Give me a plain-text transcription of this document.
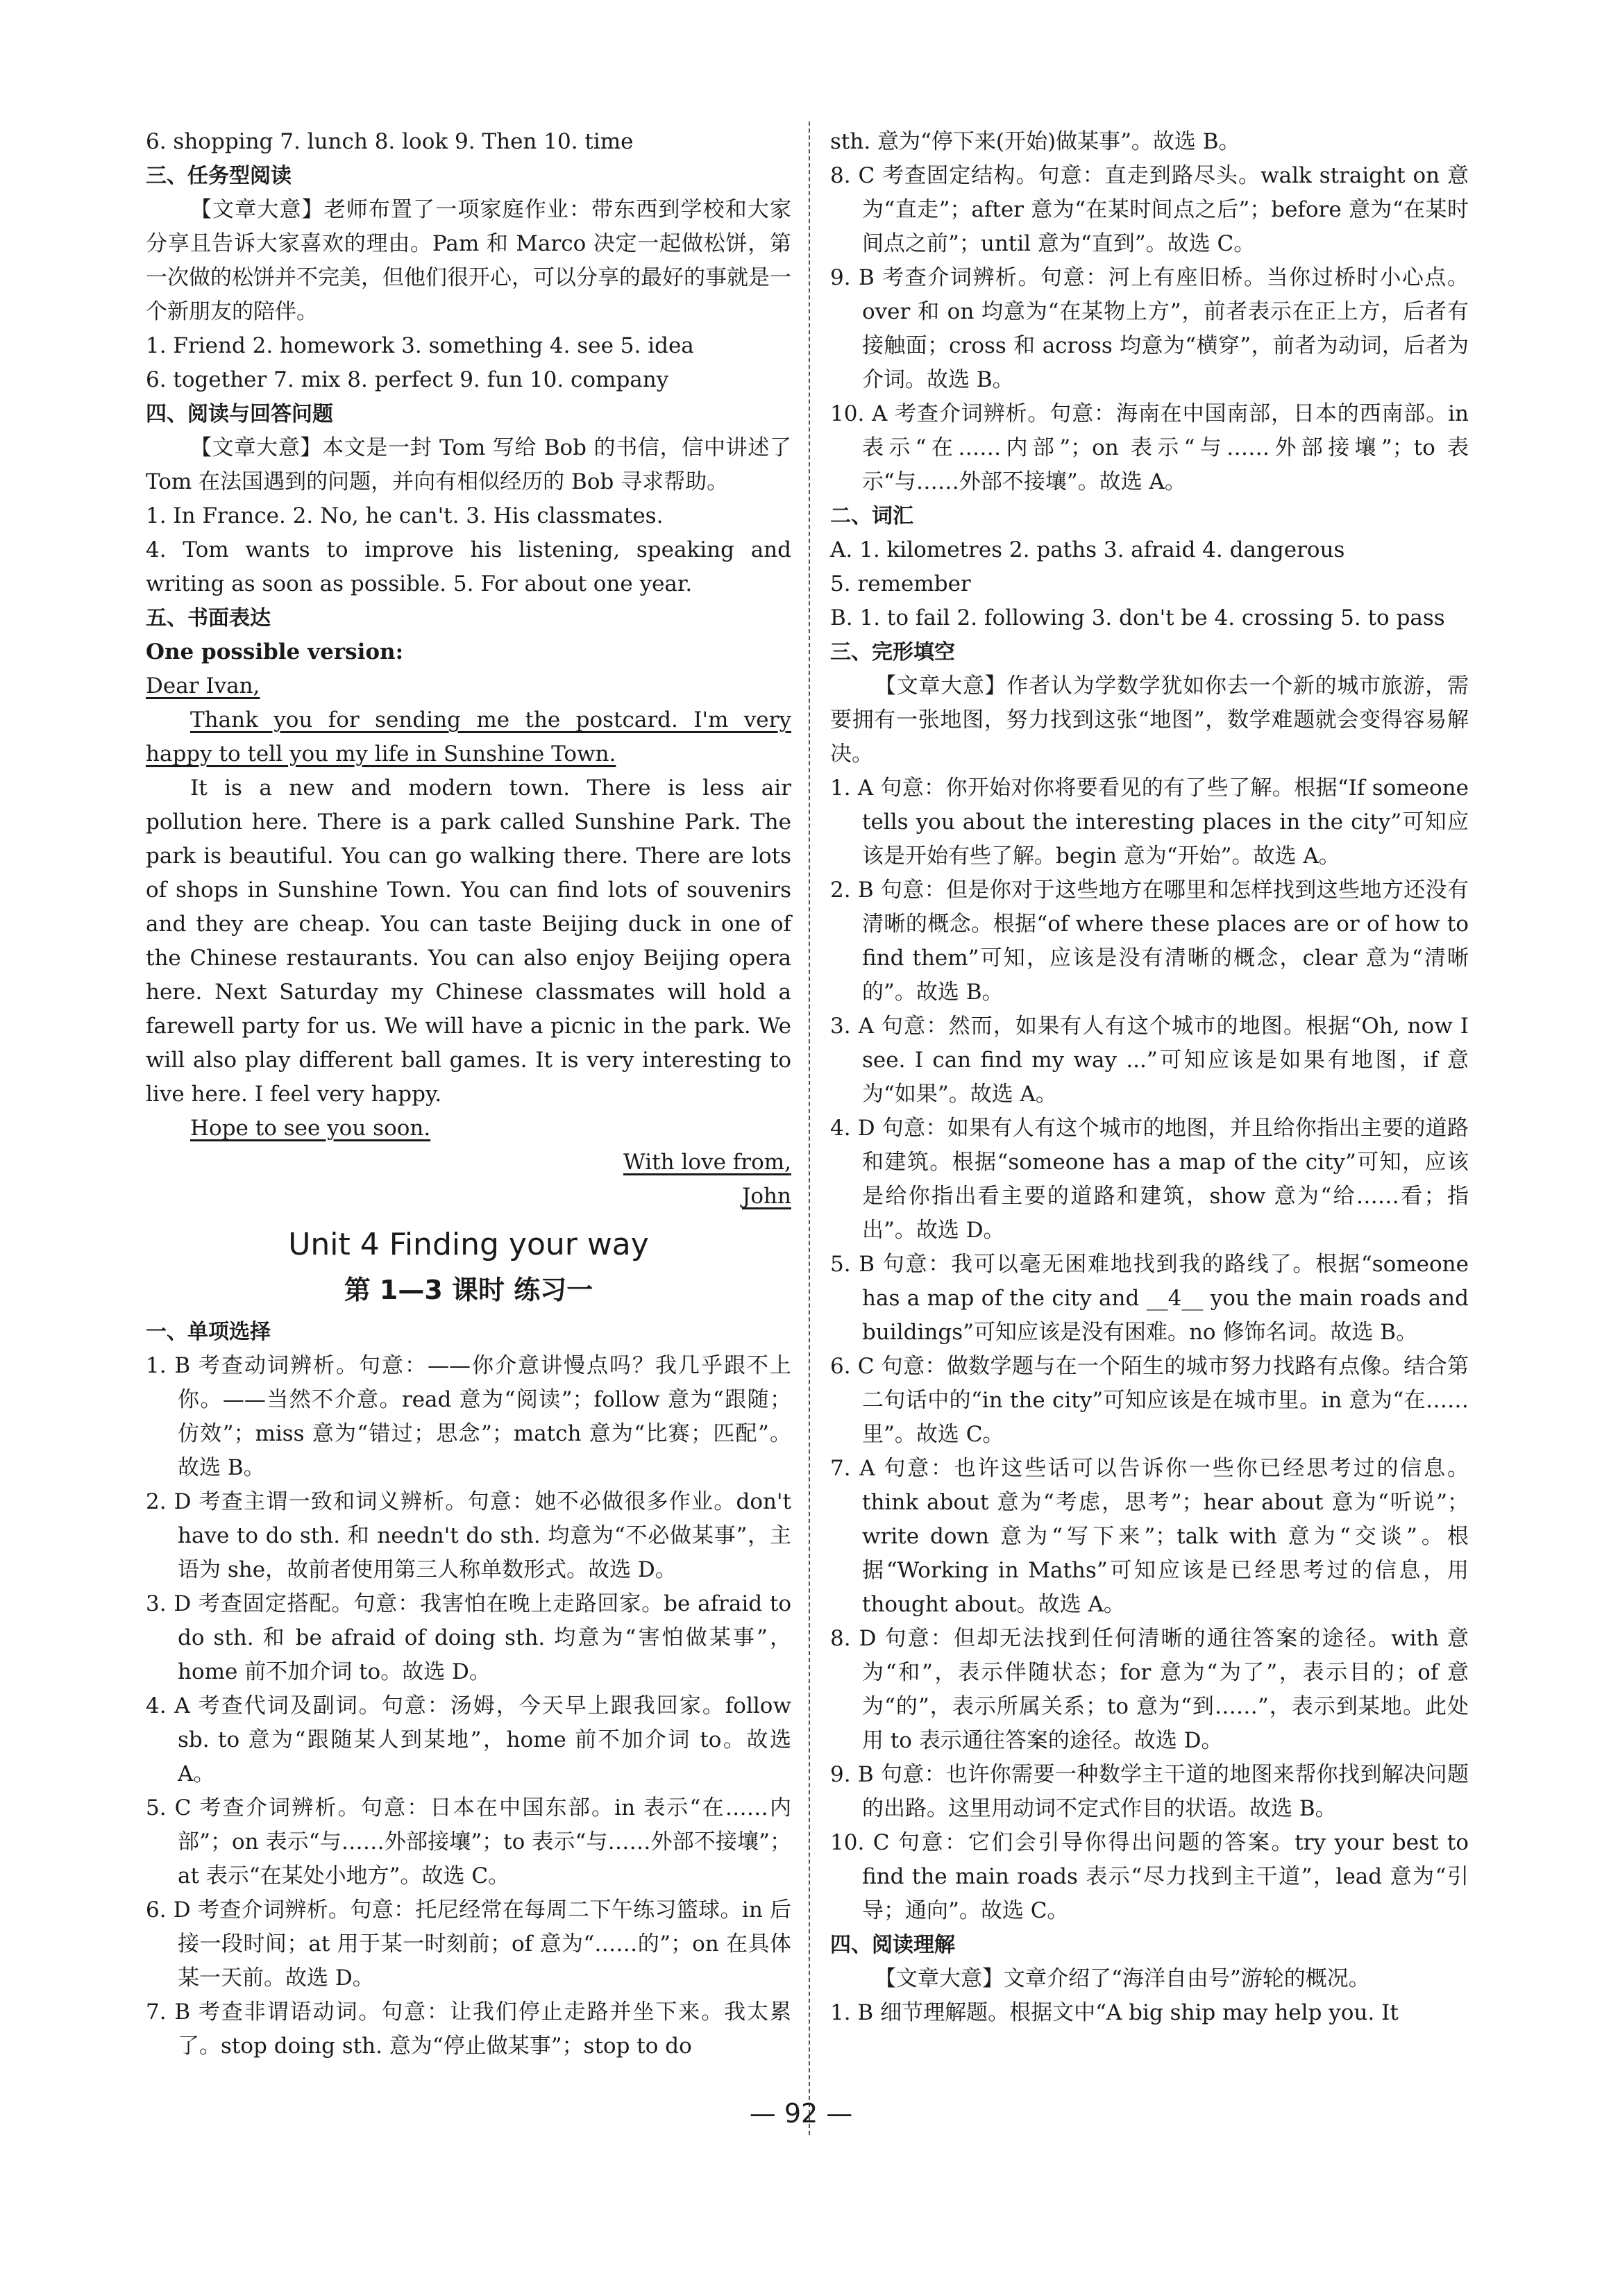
6. shopping 7. lunch 8. look 9. Then 10. time

三、任务型阅读

【文章大意】老师布置了一项家庭作业：带东西到学校和大家分享且告诉大家喜欢的理由。Pam 和 Marco 决定一起做松饼，第一次做的松饼并不完美，但他们很开心，可以分享的最好的事就是一个新朋友的陪伴。

1. Friend 2. homework 3. something 4. see 5. idea

6. together 7. mix 8. perfect 9. fun 10. company

四、阅读与回答问题

【文章大意】本文是一封 Tom 写给 Bob 的书信，信中讲述了 Tom 在法国遇到的问题，并向有相似经历的 Bob 寻求帮助。

1. In France. 2. No, he can't. 3. His classmates.

4. Tom wants to improve his listening, speaking and writing as soon as possible. 5. For about one year.

五、书面表达

One possible version:

Dear Ivan,

Thank you for sending me the postcard. I'm very happy to tell you my life in Sunshine Town.

It is a new and modern town. There is less air pollution here. There is a park called Sunshine Park. The park is beautiful. You can go walking there. There are lots of shops in Sunshine Town. You can find lots of souvenirs and they are cheap. You can taste Beijing duck in one of the Chinese restaurants. You can also enjoy Beijing opera here. Next Saturday my Chinese classmates will hold a farewell party for us. We will have a picnic in the park. We will also play different ball games. It is very interesting to live here. I feel very happy.

Hope to see you soon.

With love from,

John

Unit 4 Finding your way

第 1—3 课时 练习一

一、单项选择

1. B 考查动词辨析。句意：——你介意讲慢点吗？我几乎跟不上你。——当然不介意。read 意为“阅读”；follow 意为“跟随；仿效”；miss 意为“错过；思念”；match 意为“比赛；匹配”。故选 B。

2. D 考查主谓一致和词义辨析。句意：她不必做很多作业。don't have to do sth. 和 needn't do sth. 均意为“不必做某事”，主语为 she，故前者使用第三人称单数形式。故选 D。

3. D 考查固定搭配。句意：我害怕在晚上走路回家。be afraid to do sth. 和 be afraid of doing sth. 均意为“害怕做某事”，home 前不加介词 to。故选 D。

4. A 考查代词及副词。句意：汤姆，今天早上跟我回家。follow sb. to 意为“跟随某人到某地”，home 前不加介词 to。故选 A。

5. C 考查介词辨析。句意：日本在中国东部。in 表示“在……内部”；on 表示“与……外部接壤”；to 表示“与……外部不接壤”；at 表示“在某处小地方”。故选 C。

6. D 考查介词辨析。句意：托尼经常在每周二下午练习篮球。in 后接一段时间；at 用于某一时刻前；of 意为“……的”；on 在具体某一天前。故选 D。

7. B 考查非谓语动词。句意：让我们停止走路并坐下来。我太累了。stop doing sth. 意为“停止做某事”；stop to do

sth. 意为“停下来(开始)做某事”。故选 B。

8. C 考查固定结构。句意：直走到路尽头。walk straight on 意为“直走”；after 意为“在某时间点之后”；before 意为“在某时间点之前”；until 意为“直到”。故选 C。

9. B 考查介词辨析。句意：河上有座旧桥。当你过桥时小心点。over 和 on 均意为“在某物上方”，前者表示在正上方，后者有接触面；cross 和 across 均意为“横穿”，前者为动词，后者为介词。故选 B。

10. A 考查介词辨析。句意：海南在中国南部，日本的西南部。in 表示“在……内部”；on 表示“与……外部接壤”；to 表示“与……外部不接壤”。故选 A。

二、词汇

A. 1. kilometres 2. paths 3. afraid 4. dangerous

5. remember

B. 1. to fail 2. following 3. don't be 4. crossing 5. to pass

三、完形填空

【文章大意】作者认为学数学犹如你去一个新的城市旅游，需要拥有一张地图，努力找到这张“地图”，数学难题就会变得容易解决。

1. A 句意：你开始对你将要看见的有了些了解。根据“If someone tells you about the interesting places in the city”可知应该是开始有些了解。begin 意为“开始”。故选 A。

2. B 句意：但是你对于这些地方在哪里和怎样找到这些地方还没有清晰的概念。根据“of where these places are or of how to find them”可知，应该是没有清晰的概念，clear 意为“清晰的”。故选 B。

3. A 句意：然而，如果有人有这个城市的地图。根据“Oh, now I see. I can find my way ...”可知应该是如果有地图，if 意为“如果”。故选 A。

4. D 句意：如果有人有这个城市的地图，并且给你指出主要的道路和建筑。根据“someone has a map of the city”可知，应该是给你指出看主要的道路和建筑，show 意为“给……看；指出”。故选 D。

5. B 句意：我可以毫无困难地找到我的路线了。根据“someone has a map of the city and __4__ you the main roads and buildings”可知应该是没有困难。no 修饰名词。故选 B。

6. C 句意：做数学题与在一个陌生的城市努力找路有点像。结合第二句话中的“in the city”可知应该是在城市里。in 意为“在……里”。故选 C。

7. A 句意：也许这些话可以告诉你一些你已经思考过的信息。think about 意为“考虑，思考”；hear about 意为“听说”；write down 意为“写下来”；talk with 意为“交谈”。根据“Working in Maths”可知应该是已经思考过的信息，用 thought about。故选 A。

8. D 句意：但却无法找到任何清晰的通往答案的途径。with 意为“和”，表示伴随状态；for 意为“为了”，表示目的；of 意为“的”，表示所属关系；to 意为“到……”，表示到某地。此处用 to 表示通往答案的途径。故选 D。

9. B 句意：也许你需要一种数学主干道的地图来帮你找到解决问题的出路。这里用动词不定式作目的状语。故选 B。

10. C 句意：它们会引导你得出问题的答案。try your best to find the main roads 表示“尽力找到主干道”，lead 意为“引导；通向”。故选 C。

四、阅读理解

【文章大意】文章介绍了“海洋自由号”游轮的概况。

1. B 细节理解题。根据文中“A big ship may help you. It

— 92 —
